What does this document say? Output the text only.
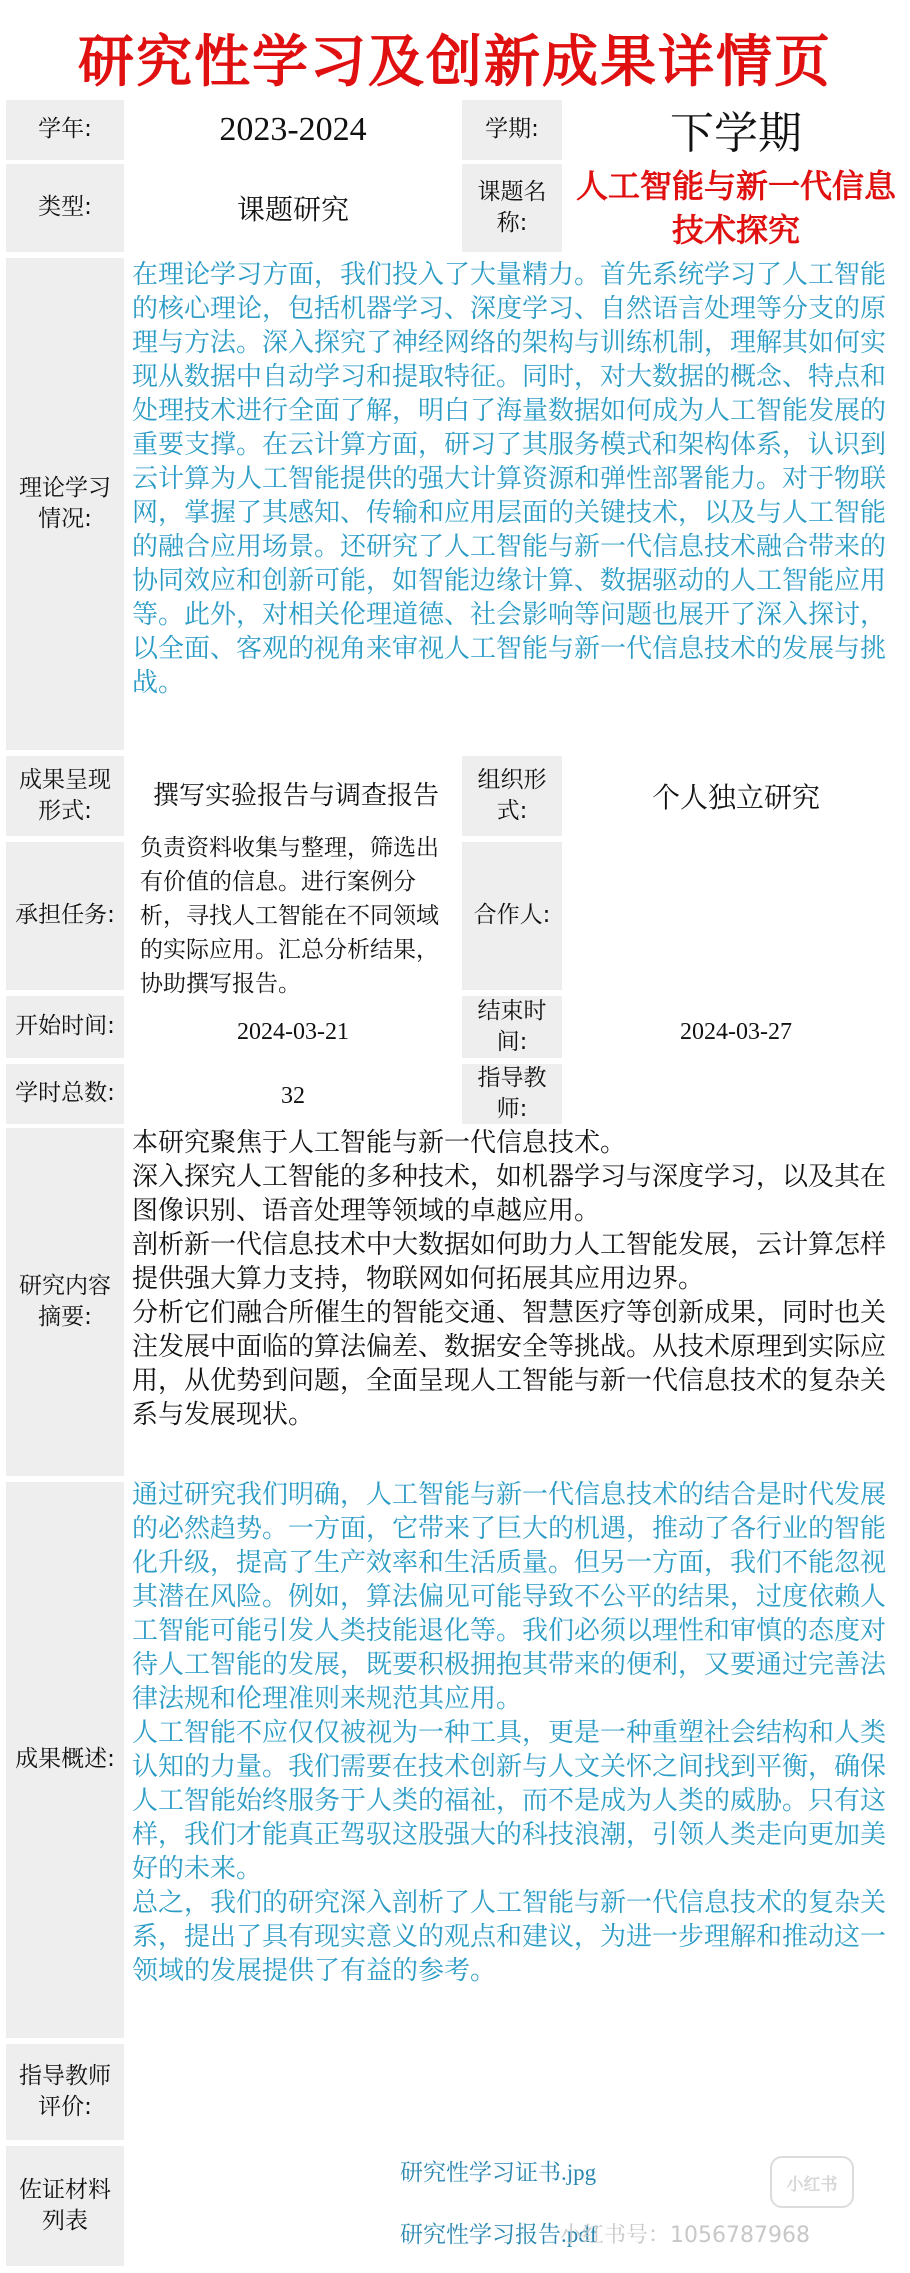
研究性学习及创新成果详情页
学年:	2023-2024	学期:	下学期
类型:	课题研究
课题名称:
人工智能与新一代信息技术探究
理论学习情况:
在理论学习方面，我们投入了大量精力。首先系统学习了人工智能的核心理论，包括机器学习、深度学习、自然语言处理等分支的原理与方法。深入探究了神经网络的架构与训练机制，理解其如何实现从数据中自动学习和提取特征。同时，对大数据的概念、特点和处理技术进行全面了解，明白了海量数据如何成为人工智能发展的重要支撑。在云计算方面，研习了其服务模式和架构体系，认识到云计算为人工智能提供的强大计算资源和弹性部署能力。对于物联网，掌握了其感知、传输和应用层面的关键技术，以及与人工智能的融合应用场景。还研究了人工智能与新一代信息技术融合带来的协同效应和创新可能，如智能边缘计算、数据驱动的人工智能应用等。此外，对相关伦理道德、社会影响等问题也展开了深入探讨，以全面、客观的视角来审视人工智能与新一代信息技术的发展与挑战。
成果呈现形式:	撰写实验报告与调查报告
组织形式:	个人独立研究
承担任务:
负责资料收集与整理，筛选出有价值的信息。进行案例分析，寻找人工智能在不同领域的实际应用。汇总分析结果，协助撰写报告。
合作人:
开始时间:	2024-03-21
结束时间:	2024-03-27
学时总数:	32
指导教师:
研究内容摘要:
本研究聚焦于人工智能与新一代信息技术。
深入探究人工智能的多种技术，如机器学习与深度学习，以及其在图像识别、语音处理等领域的卓越应用。
剖析新一代信息技术中大数据如何助力人工智能发展，云计算怎样提供强大算力支持，物联网如何拓展其应用边界。
分析它们融合所催生的智能交通、智慧医疗等创新成果，同时也关注发展中面临的算法偏差、数据安全等挑战。从技术原理到实际应用，从优势到问题，全面呈现人工智能与新一代信息技术的复杂关系与发展现状。
成果概述:
通过研究我们明确，人工智能与新一代信息技术的结合是时代发展的必然趋势。一方面，它带来了巨大的机遇，推动了各行业的智能化升级，提高了生产效率和生活质量。但另一方面，我们不能忽视其潜在风险。例如，算法偏见可能导致不公平的结果，过度依赖人工智能可能引发人类技能退化等。我们必须以理性和审慎的态度对待人工智能的发展，既要积极拥抱其带来的便利，又要通过完善法律法规和伦理准则来规范其应用。
人工智能不应仅仅被视为一种工具，更是一种重塑社会结构和人类认知的力量。我们需要在技术创新与人文关怀之间找到平衡，确保人工智能始终服务于人类的福祉，而不是成为人类的威胁。只有这样，我们才能真正驾驭这股强大的科技浪潮，引领人类走向更加美好的未来。
总之，我们的研究深入剖析了人工智能与新一代信息技术的复杂关系，提出了具有现实意义的观点和建议，为进一步理解和推动这一领域的发展提供了有益的参考。
指导教师评价:
佐证材料列表
研究性学习证书.jpg
研究性学习报告.pdf
小红书
小红书号：1056787968
